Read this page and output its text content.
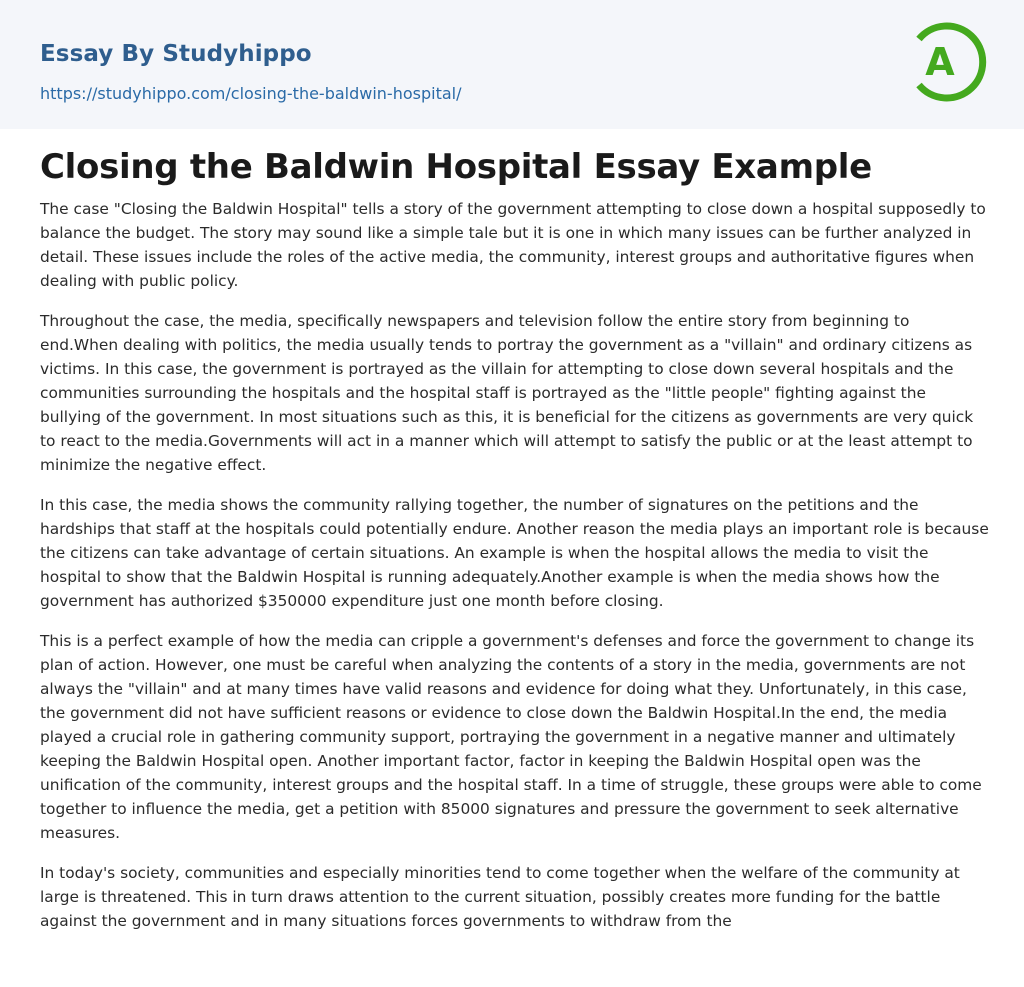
Essay By Studyhippo
https://studyhippo.com/closing-the-baldwin-hospital/
A
Closing the Baldwin Hospital Essay Example

The case "Closing the Baldwin Hospital" tells a story of the government attempting to close down a hospital supposedly to balance the budget. The story may sound like a simple tale but it is one in which many issues can be further analyzed in detail. These issues include the roles of the active media, the community, interest groups and authoritative figures when dealing with public policy.

Throughout the case, the media, specifically newspapers and television follow the entire story from beginning to end.When dealing with politics, the media usually tends to portray the government as a "villain" and ordinary citizens as victims. In this case, the government is portrayed as the villain for attempting to close down several hospitals and the communities surrounding the hospitals and the hospital staff is portrayed as the "little people" fighting against the bullying of the government. In most situations such as this, it is beneficial for the citizens as governments are very quick to react to the media.Governments will act in a manner which will attempt to satisfy the public or at the least attempt to minimize the negative effect.

In this case, the media shows the community rallying together, the number of signatures on the petitions and the hardships that staff at the hospitals could potentially endure. Another reason the media plays an important role is because the citizens can take advantage of certain situations. An example is when the hospital allows the media to visit the hospital to show that the Baldwin Hospital is running adequately.Another example is when the media shows how the government has authorized $350000 expenditure just one month before closing.

This is a perfect example of how the media can cripple a government's defenses and force the government to change its plan of action. However, one must be careful when analyzing the contents of a story in the media, governments are not always the "villain" and at many times have valid reasons and evidence for doing what they. Unfortunately, in this case, the government did not have sufficient reasons or evidence to close down the Baldwin Hospital.In the end, the media played a crucial role in gathering community support, portraying the government in a negative manner and ultimately keeping the Baldwin Hospital open. Another important factor, factor in keeping the Baldwin Hospital open was the unification of the community, interest groups and the hospital staff. In a time of struggle, these groups were able to come together to influence the media, get a petition with 85000 signatures and pressure the government to seek alternative measures.

In today's society, communities and especially minorities tend to come together when the welfare of the community at large is threatened. This in turn draws attention to the current situation, possibly creates more funding for the battle against the government and in many situations forces governments to withdraw from the
